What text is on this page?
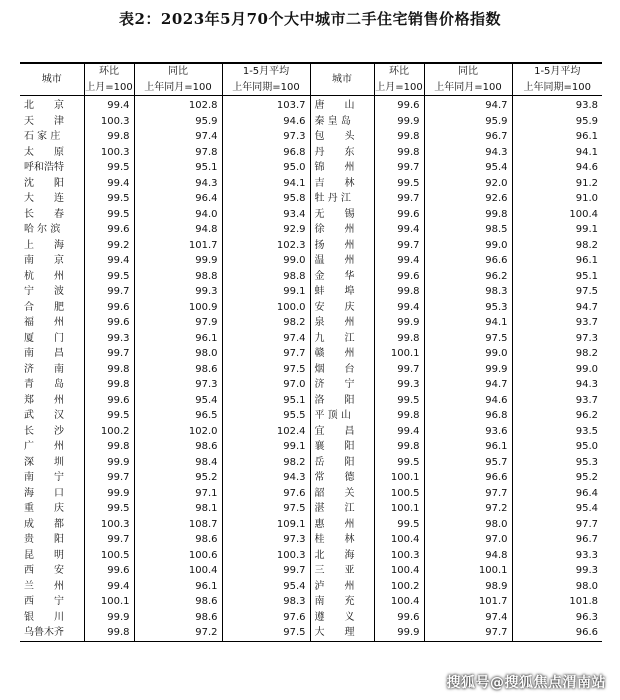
表2：2023年5月70个大中城市二手住宅销售价格指数
城市	环比	同比	1-5月平均	城市	环比	同比	1-5月平均
	上月=100	上年同月=100	上年同期=100		上月=100	上年同月=100	上年同期=100
北　　京	99.4	102.8	103.7	唐　　山	99.6	94.7	93.8
天　　津	100.3	95.9	94.6	秦 皇 岛	99.9	95.9	95.9
石 家 庄	99.8	97.4	97.3	包　　头	99.8	96.7	96.1
太　　原	100.3	97.8	96.8	丹　　东	99.8	94.3	94.1
呼和浩特	99.5	95.1	95.0	锦　　州	99.7	95.4	94.6
沈　　阳	99.4	94.3	94.1	吉　　林	99.5	92.0	91.2
大　　连	99.5	96.4	95.8	牡 丹 江	99.7	92.6	91.0
长　　春	99.5	94.0	93.4	无　　锡	99.6	99.8	100.4
哈 尔 滨	99.6	94.8	92.9	徐　　州	99.4	98.5	99.1
上　　海	99.2	101.7	102.3	扬　　州	99.7	99.0	98.2
南　　京	99.4	99.9	99.0	温　　州	99.4	96.6	96.1
杭　　州	99.5	98.8	98.8	金　　华	99.6	96.2	95.1
宁　　波	99.7	99.3	99.1	蚌　　埠	99.8	98.3	97.5
合　　肥	99.6	100.9	100.0	安　　庆	99.4	95.3	94.7
福　　州	99.6	97.9	98.2	泉　　州	99.9	94.1	93.7
厦　　门	99.3	96.1	97.4	九　　江	99.8	97.5	97.3
南　　昌	99.7	98.0	97.7	赣　　州	100.1	99.0	98.2
济　　南	99.8	98.6	97.5	烟　　台	99.7	99.9	99.0
青　　岛	99.8	97.3	97.0	济　　宁	99.3	94.7	94.3
郑　　州	99.6	95.4	95.1	洛　　阳	99.5	94.6	93.7
武　　汉	99.5	96.5	95.5	平 顶 山	99.8	96.8	96.2
长　　沙	100.2	102.0	102.4	宜　　昌	99.4	93.6	93.5
广　　州	99.8	98.6	99.1	襄　　阳	99.8	96.1	95.0
深　　圳	99.9	98.4	98.2	岳　　阳	99.5	95.7	95.3
南　　宁	99.7	95.2	94.3	常　　德	100.1	96.6	95.2
海　　口	99.9	97.1	97.6	韶　　关	100.5	97.7	96.4
重　　庆	99.5	98.1	97.5	湛　　江	100.1	97.2	95.4
成　　都	100.3	108.7	109.1	惠　　州	99.5	98.0	97.7
贵　　阳	99.7	98.6	97.3	桂　　林	100.4	97.0	96.7
昆　　明	100.5	100.6	100.3	北　　海	100.3	94.8	93.3
西　　安	99.6	100.4	99.7	三　　亚	100.4	100.1	99.3
兰　　州	99.4	96.1	95.4	泸　　州	100.2	98.9	98.0
西　　宁	100.1	98.6	98.3	南　　充	100.4	101.7	101.8
银　　川	99.9	98.6	97.6	遵　　义	99.6	97.4	96.3
乌鲁木齐	99.8	97.2	97.5	大　　理	99.9	97.7	96.6
搜狐号@搜狐焦点渭南站
